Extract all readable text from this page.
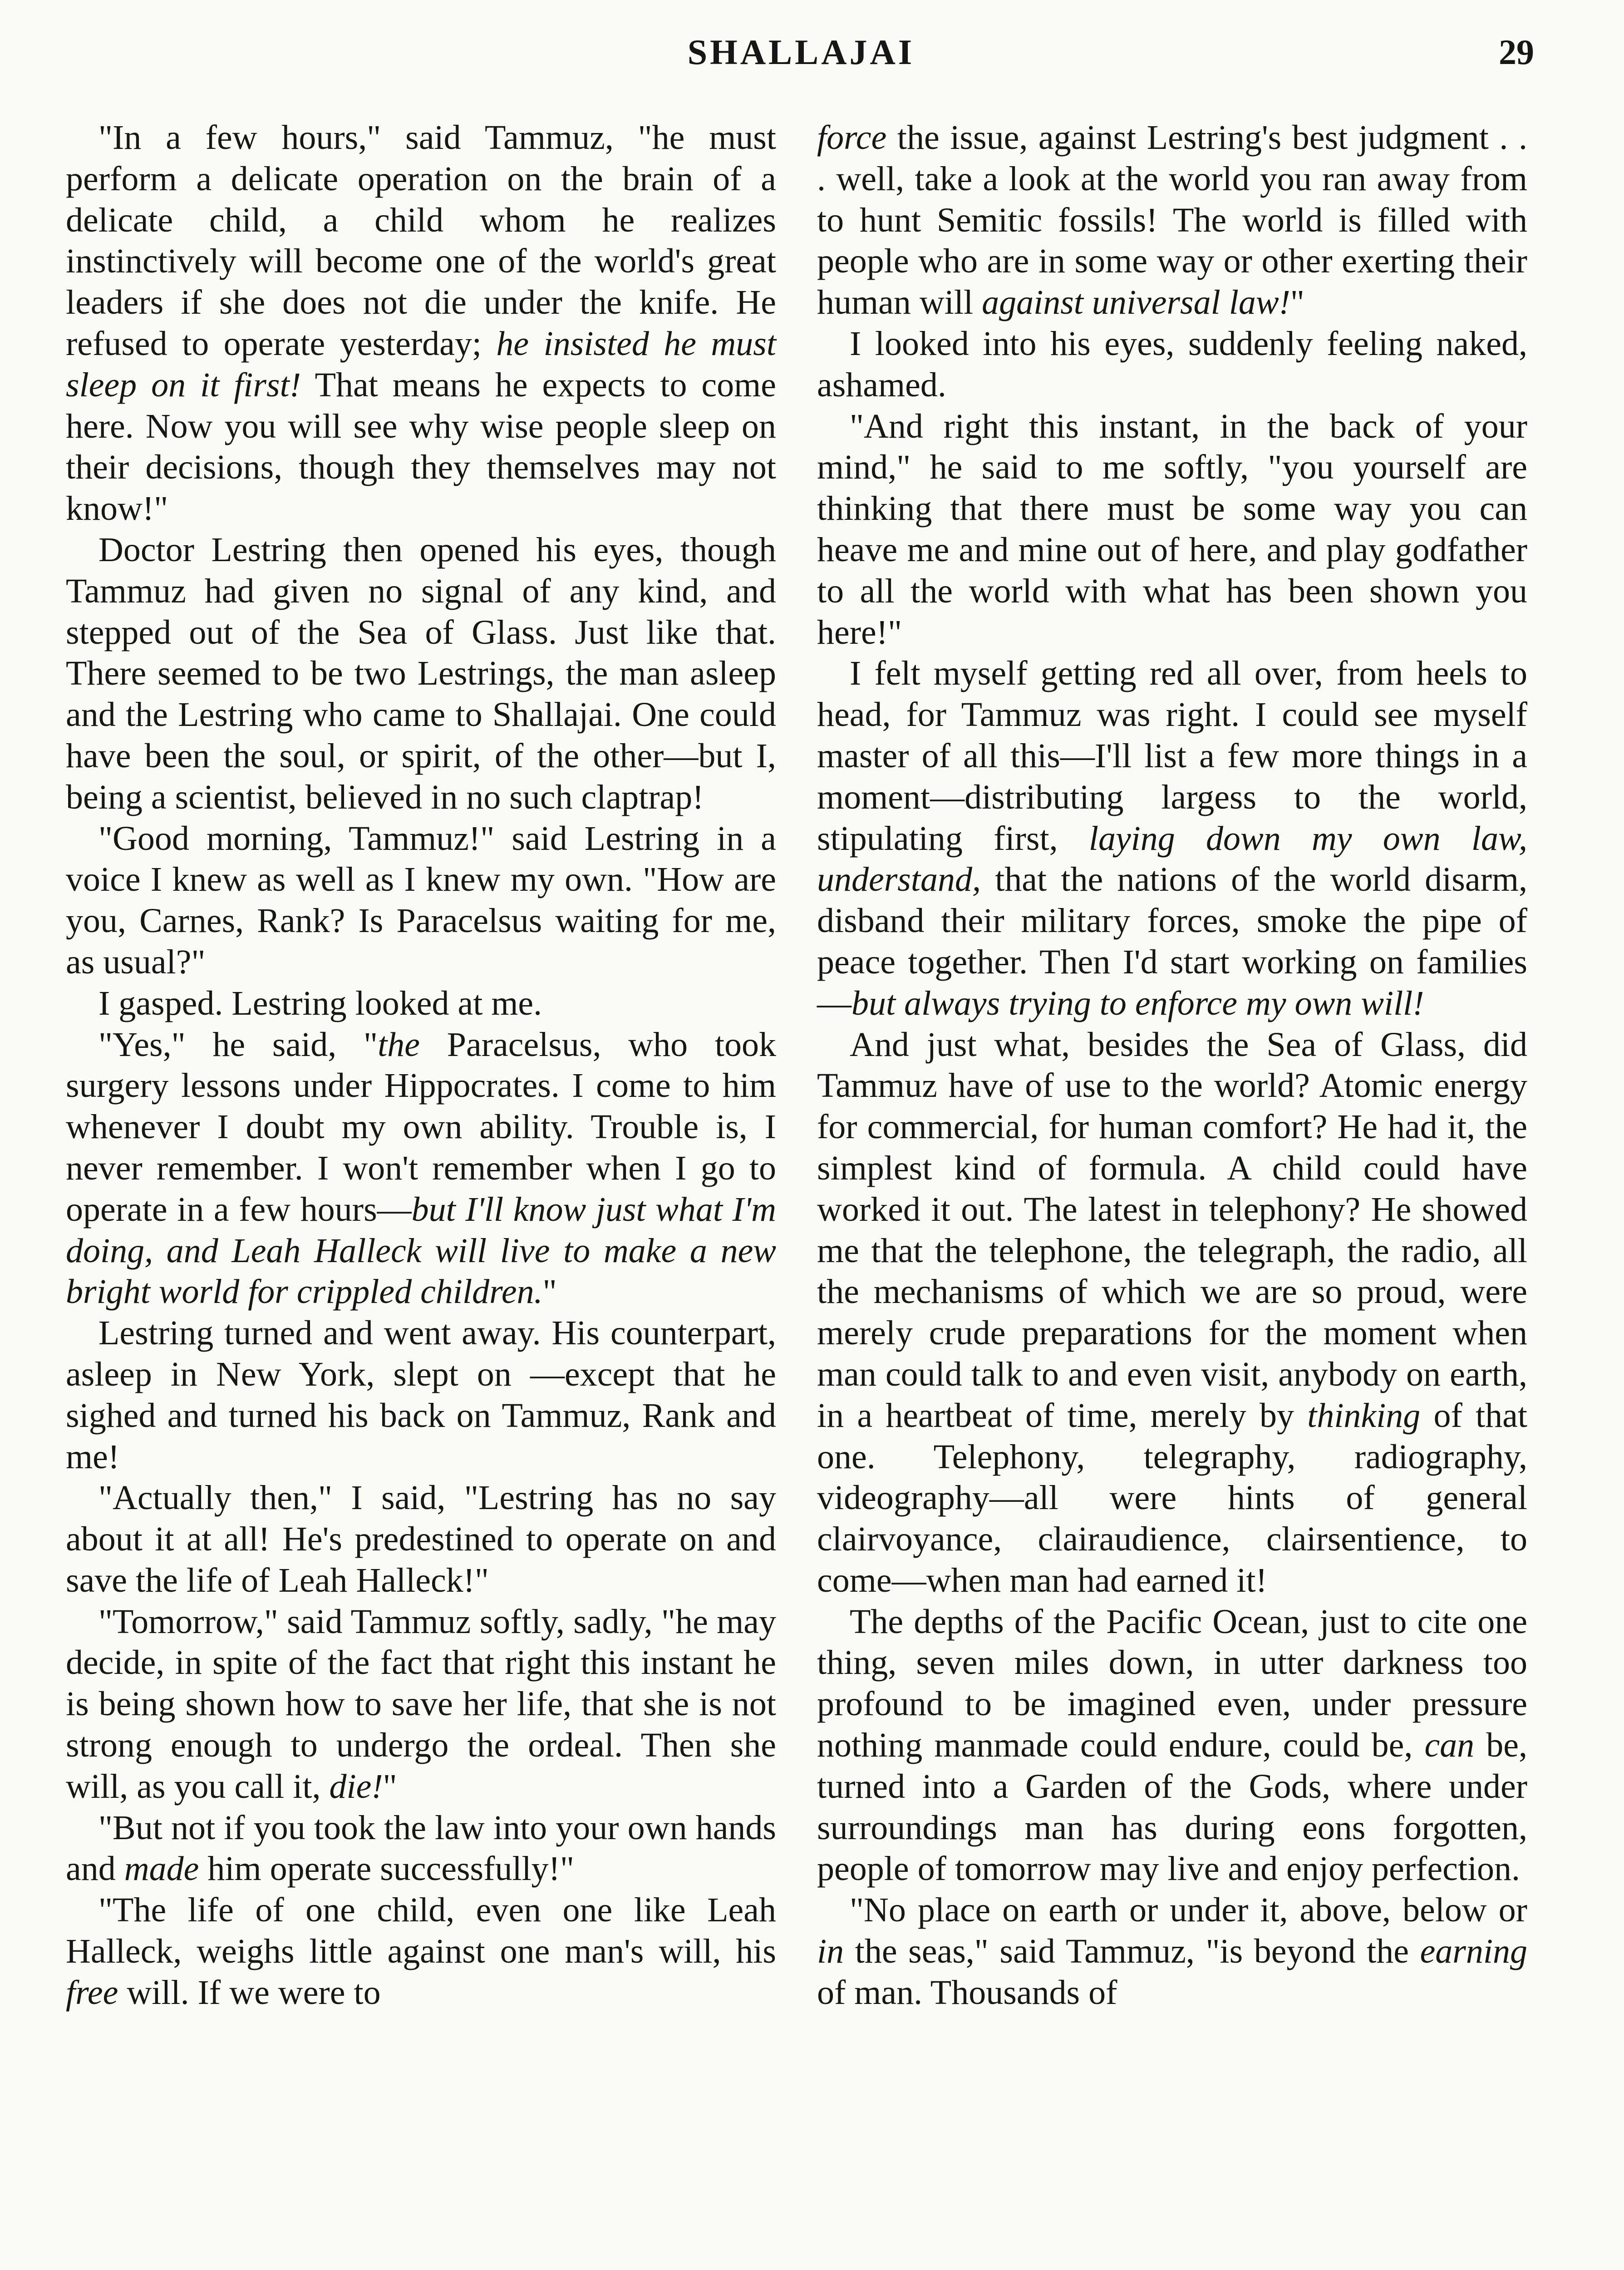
SHALLAJAI	29

"In a few hours," said Tammuz, "he must perform a delicate operation on the brain of a delicate child, a child whom he realizes instinctively will become one of the world's great leaders if she does not die under the knife. He refused to operate yesterday; he insisted he must sleep on it first! That means he expects to come here. Now you will see why wise people sleep on their decisions, though they themselves may not know!"

Doctor Lestring then opened his eyes, though Tammuz had given no signal of any kind, and stepped out of the Sea of Glass. Just like that. There seemed to be two Lestrings, the man asleep and the Lestring who came to Shallajai. One could have been the soul, or spirit, of the other—but I, being a scientist, believed in no such claptrap!

"Good morning, Tammuz!" said Lestring in a voice I knew as well as I knew my own. "How are you, Carnes, Rank? Is Paracelsus waiting for me, as usual?"

I gasped. Lestring looked at me.

"Yes," he said, "the Paracelsus, who took surgery lessons under Hippocrates. I come to him whenever I doubt my own ability. Trouble is, I never remember. I won't remember when I go to operate in a few hours—but I'll know just what I'm doing, and Leah Halleck will live to make a new bright world for crippled children."

Lestring turned and went away. His counterpart, asleep in New York, slept on —except that he sighed and turned his back on Tammuz, Rank and me!

"Actually then," I said, "Lestring has no say about it at all! He's predestined to operate on and save the life of Leah Halleck!"

"Tomorrow," said Tammuz softly, sadly, "he may decide, in spite of the fact that right this instant he is being shown how to save her life, that she is not strong enough to undergo the ordeal. Then she will, as you call it, die!"

"But not if you took the law into your own hands and made him operate successfully!"

"The life of one child, even one like Leah Halleck, weighs little against one man's will, his free will. If we were to

force the issue, against Lestring's best judgment . . . well, take a look at the world you ran away from to hunt Semitic fossils! The world is filled with people who are in some way or other exerting their human will against universal law!"

I looked into his eyes, suddenly feeling naked, ashamed.

"And right this instant, in the back of your mind," he said to me softly, "you yourself are thinking that there must be some way you can heave me and mine out of here, and play godfather to all the world with what has been shown you here!"

I felt myself getting red all over, from heels to head, for Tammuz was right. I could see myself master of all this—I'll list a few more things in a moment—distributing largess to the world, stipulating first, laying down my own law, understand, that the nations of the world disarm, disband their military forces, smoke the pipe of peace together. Then I'd start working on families—but always trying to enforce my own will!

And just what, besides the Sea of Glass, did Tammuz have of use to the world? Atomic energy for commercial, for human comfort? He had it, the simplest kind of formula. A child could have worked it out. The latest in telephony? He showed me that the telephone, the telegraph, the radio, all the mechanisms of which we are so proud, were merely crude preparations for the moment when man could talk to and even visit, anybody on earth, in a heartbeat of time, merely by thinking of that one. Telephony, telegraphy, radiography, videography—all were hints of general clairvoyance, clairaudience, clairsentience, to come—when man had earned it!

The depths of the Pacific Ocean, just to cite one thing, seven miles down, in utter darkness too profound to be imagined even, under pressure nothing manmade could endure, could be, can be, turned into a Garden of the Gods, where under surroundings man has during eons forgotten, people of tomorrow may live and enjoy perfection.

"No place on earth or under it, above, below or in the seas," said Tammuz, "is beyond the earning of man. Thousands of
